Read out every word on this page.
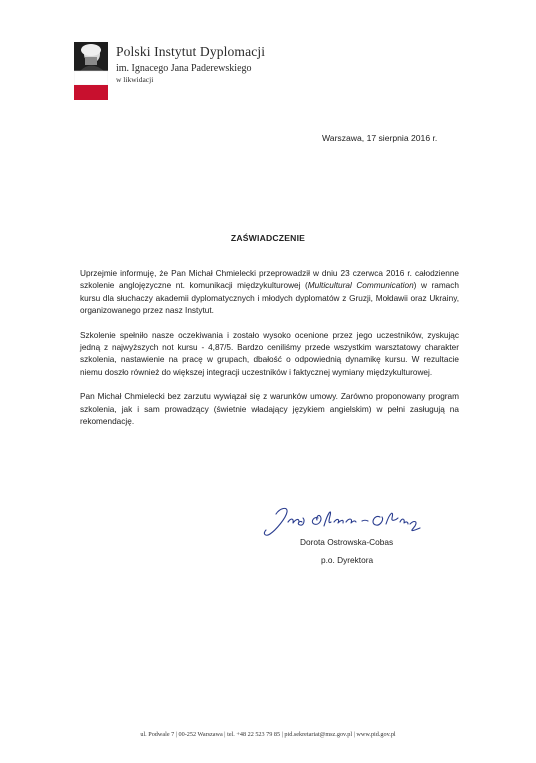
Polski Instytut Dyplomacji
im. Ignacego Jana Paderewskiego
w likwidacji
Warszawa, 17 sierpnia 2016 r.
ZAŚWIADCZENIE

Uprzejmie informuję, że Pan Michał Chmielecki przeprowadził w dniu 23 czerwca 2016 r. całodzienne szkolenie anglojęzyczne nt. komunikacji międzykulturowej (Multicultural Communication) w ramach kursu dla słuchaczy akademii dyplomatycznych i młodych dyplomatów z Gruzji, Mołdawii oraz Ukrainy, organizowanego przez nasz Instytut.

Szkolenie spełniło nasze oczekiwania i zostało wysoko ocenione przez jego uczestników, zyskując jedną z najwyższych not kursu - 4,87/5. Bardzo ceniliśmy przede wszystkim warsztatowy charakter szkolenia, nastawienie na pracę w grupach, dbałość o odpowiednią dynamikę kursu. W rezultacie niemu doszło również do większej integracji uczestników i faktycznej wymiany międzykulturowej.

Pan Michał Chmielecki bez zarzutu wywiązał się z warunków umowy. Zarówno proponowany program szkolenia, jak i sam prowadzący (świetnie władający językiem angielskim) w pełni zasługują na rekomendację.

Dorota Ostrowska-Cobas
p.o. Dyrektora
ul. Podwale 7 | 00-252 Warszawa | tel. +48 22 523 79 85 | pid.sekretariat@msz.gov.pl | www.pid.gov.pl
